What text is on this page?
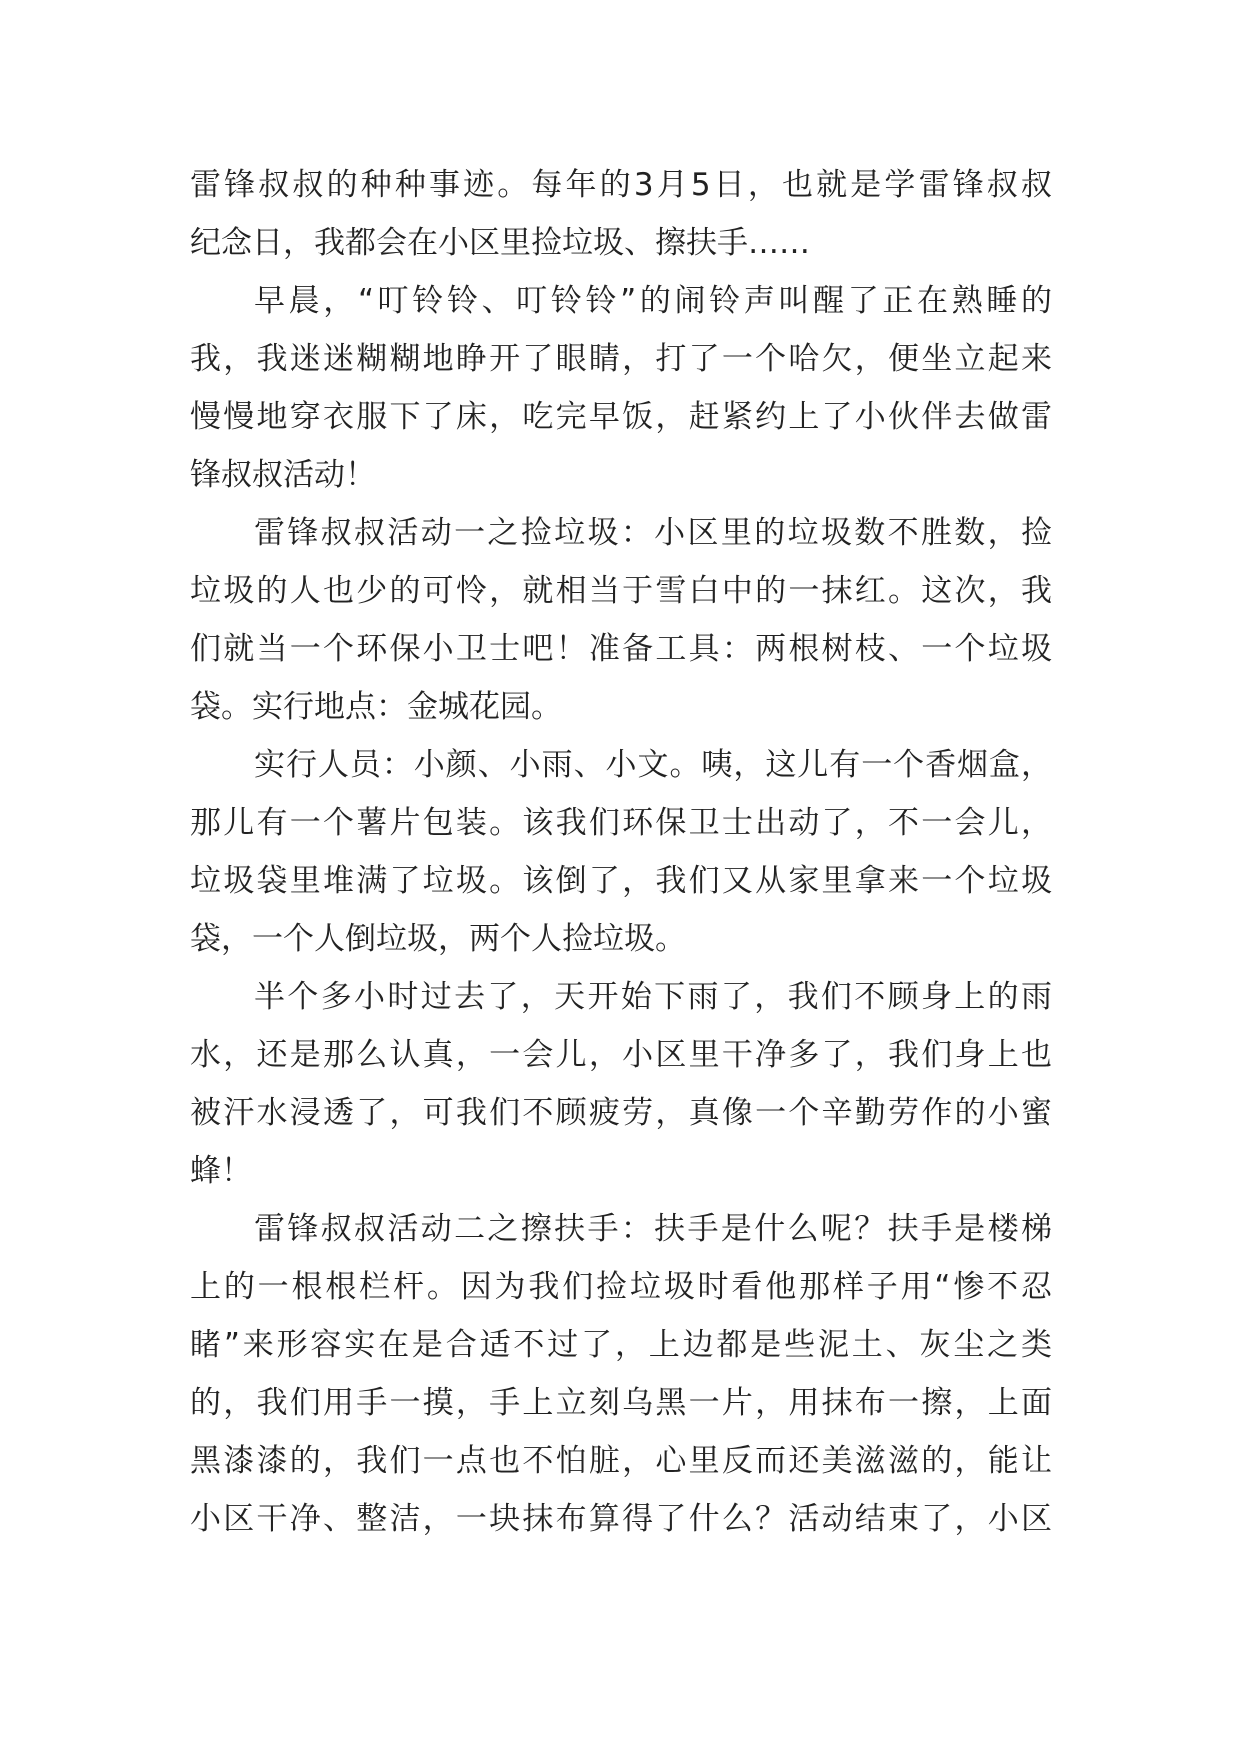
雷锋叔叔的种种事迹。每年的3月5日，也就是学雷锋叔叔
纪念日，我都会在小区里捡垃圾、擦扶手……
早晨，“叮铃铃、叮铃铃”的闹铃声叫醒了正在熟睡的
我，我迷迷糊糊地睁开了眼睛，打了一个哈欠，便坐立起来
慢慢地穿衣服下了床，吃完早饭，赶紧约上了小伙伴去做雷
锋叔叔活动！
雷锋叔叔活动一之捡垃圾：小区里的垃圾数不胜数，捡
垃圾的人也少的可怜，就相当于雪白中的一抹红。这次，我
们就当一个环保小卫士吧！准备工具：两根树枝、一个垃圾
袋。实行地点：金城花园。
实行人员：小颜、小雨、小文。咦，这儿有一个香烟盒，
那儿有一个薯片包装。该我们环保卫士出动了，不一会儿，
垃圾袋里堆满了垃圾。该倒了，我们又从家里拿来一个垃圾
袋，一个人倒垃圾，两个人捡垃圾。
半个多小时过去了，天开始下雨了，我们不顾身上的雨
水，还是那么认真，一会儿，小区里干净多了，我们身上也
被汗水浸透了，可我们不顾疲劳，真像一个辛勤劳作的小蜜
蜂！
雷锋叔叔活动二之擦扶手：扶手是什么呢？扶手是楼梯
上的一根根栏杆。因为我们捡垃圾时看他那样子用“惨不忍
睹”来形容实在是合适不过了，上边都是些泥土、灰尘之类
的，我们用手一摸，手上立刻乌黑一片，用抹布一擦，上面
黑漆漆的，我们一点也不怕脏，心里反而还美滋滋的，能让
小区干净、整洁，一块抹布算得了什么？活动结束了，小区
